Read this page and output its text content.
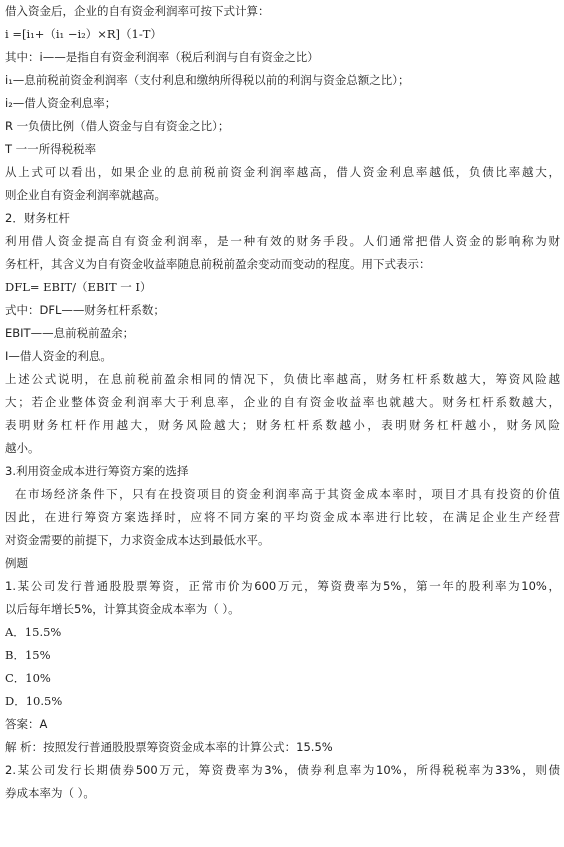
借入资金后，企业的自有资金利润率可按下式计算：
i =[i₁+（i₁ −i₂）×R]（1-T）
其中：i——是指自有资金利润率（税后利润与自有资金之比）
i₁—息前税前资金利润率（支付利息和缴纳所得税以前的利润与资金总额之比）；
i₂—借人资金利息率；
R 一负债比例（借人资金与自有资金之比）；
T 一一所得税税率
从上式可以看出，如果企业的息前税前资金利润率越高，借人资金利息率越低，负债比率越大，
则企业自有资金利润率就越高。
2．财务杠杆
利用借人资金提高自有资金利润率，是一种有效的财务手段。人们通常把借人资金的影响称为财
务杠杆，其含义为自有资金收益率随息前税前盈余变动而变动的程度。用下式表示：
DFL= EBIT/（EBIT 一 I）
式中：DFL——财务杠杆系数；
EBIT——息前税前盈余；
I—借人资金的利息。
上述公式说明，在息前税前盈余相同的情况下，负债比率越高，财务杠杆系数越大，筹资风险越
大；若企业整体资金利润率大于利息率，企业的自有资金收益率也就越大。财务杠杆系数越大，
表明财务杠杆作用越大，财务风险越大；财务杠杆系数越小，表明财务杠杆越小，财务风险
越小。
3.利用资金成本进行筹资方案的选择
在市场经济条件下，只有在投资项目的资金利润率高于其资金成本率时，项目才具有投资的价值
因此，在进行筹资方案选择时，应将不同方案的平均资金成本率进行比较，在满足企业生产经营
对资金需要的前提下，力求资金成本达到最低水平。
例题
1.某公司发行普通股股票筹资，正常市价为600万元，筹资费率为5%，第一年的股利率为10%，
以后每年增长5%，计算其资金成本率为（ ）。
A．15.5%
B．15%
C．10%
D．10.5%
答案：A
解 析：按照发行普通股股票筹资资金成本率的计算公式：15.5%
2.某公司发行长期债券500万元，筹资费率为3%，债券利息率为10%，所得税税率为33%，则债
券成本率为（ ）。
